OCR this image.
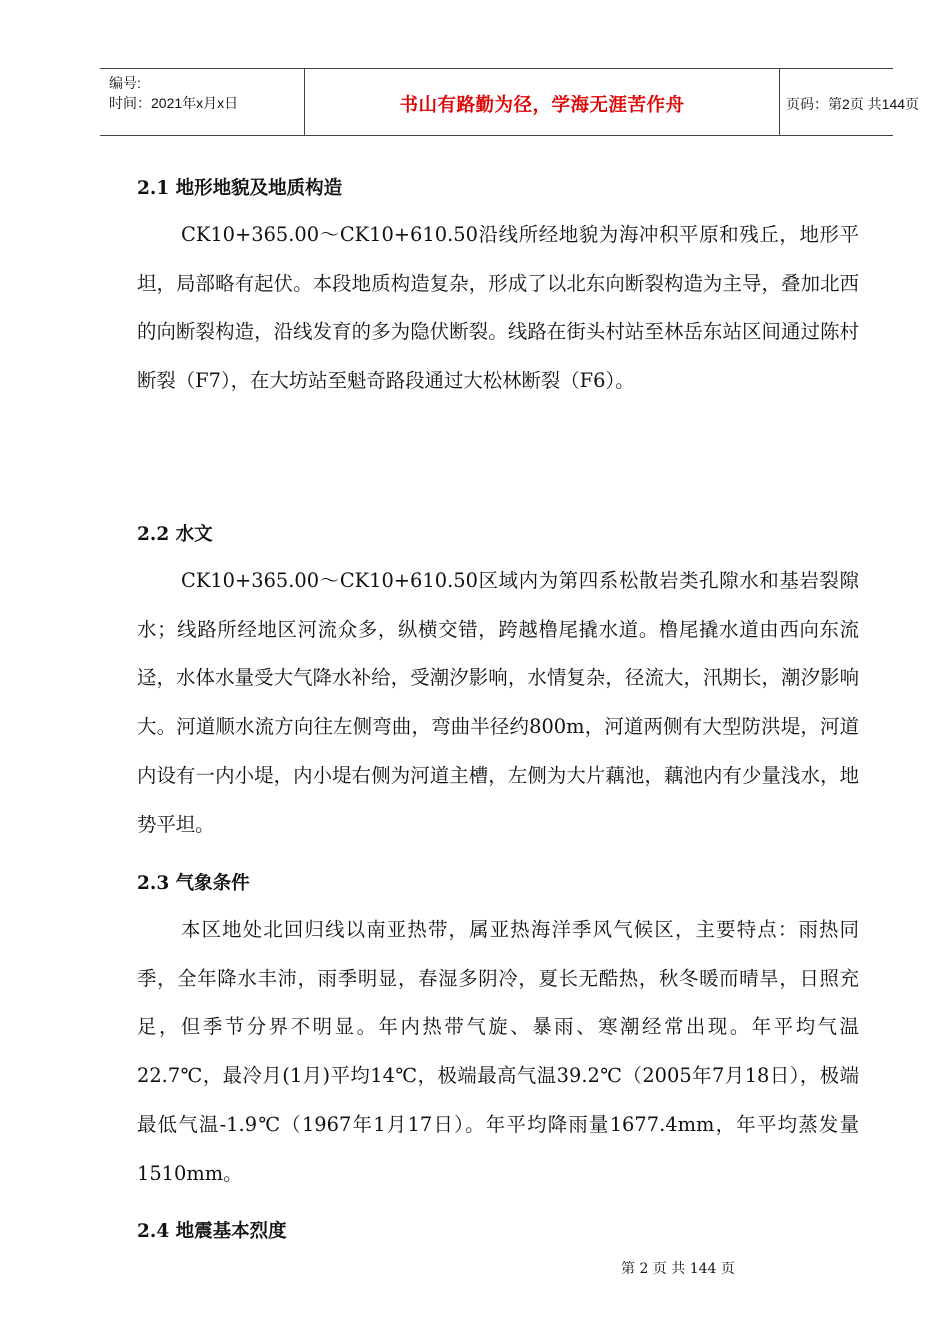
编号:
时间：2021年x月x日	书山有路勤为径，学海无涯苦作舟	页码：第2页 共144页
2.1 地形地貌及地质构造

CK10+365.00～CK10+610.50沿线所经地貌为海冲积平原和残丘，地形平坦，局部略有起伏。本段地质构造复杂，形成了以北东向断裂构造为主导，叠加北西的向断裂构造，沿线发育的多为隐伏断裂。线路在街头村站至林岳东站区间通过陈村断裂（F7），在大坊站至魁奇路段通过大松林断裂（F6）。

2.2 水文

CK10+365.00～CK10+610.50区域内为第四系松散岩类孔隙水和基岩裂隙水；线路所经地区河流众多，纵横交错，跨越橹尾撬水道。橹尾撬水道由西向东流迳，水体水量受大气降水补给，受潮汐影响，水情复杂，径流大，汛期长，潮汐影响大。河道顺水流方向往左侧弯曲，弯曲半径约800m，河道两侧有大型防洪堤，河道内设有一内小堤，内小堤右侧为河道主槽，左侧为大片藕池，藕池内有少量浅水，地势平坦。

2.3 气象条件

本区地处北回归线以南亚热带，属亚热海洋季风气候区，主要特点：雨热同季，全年降水丰沛，雨季明显，春湿多阴冷，夏长无酷热，秋冬暖而晴旱，日照充足，但季节分界不明显。年内热带气旋、暴雨、寒潮经常出现。年平均气温22.7℃，最冷月(1月)平均14℃，极端最高气温39.2℃（2005年7月18日），极端最低气温-1.9℃（1967年1月17日）。年平均降雨量1677.4mm，年平均蒸发量1510mm。

2.4 地震基本烈度
第 2 页 共 144 页
